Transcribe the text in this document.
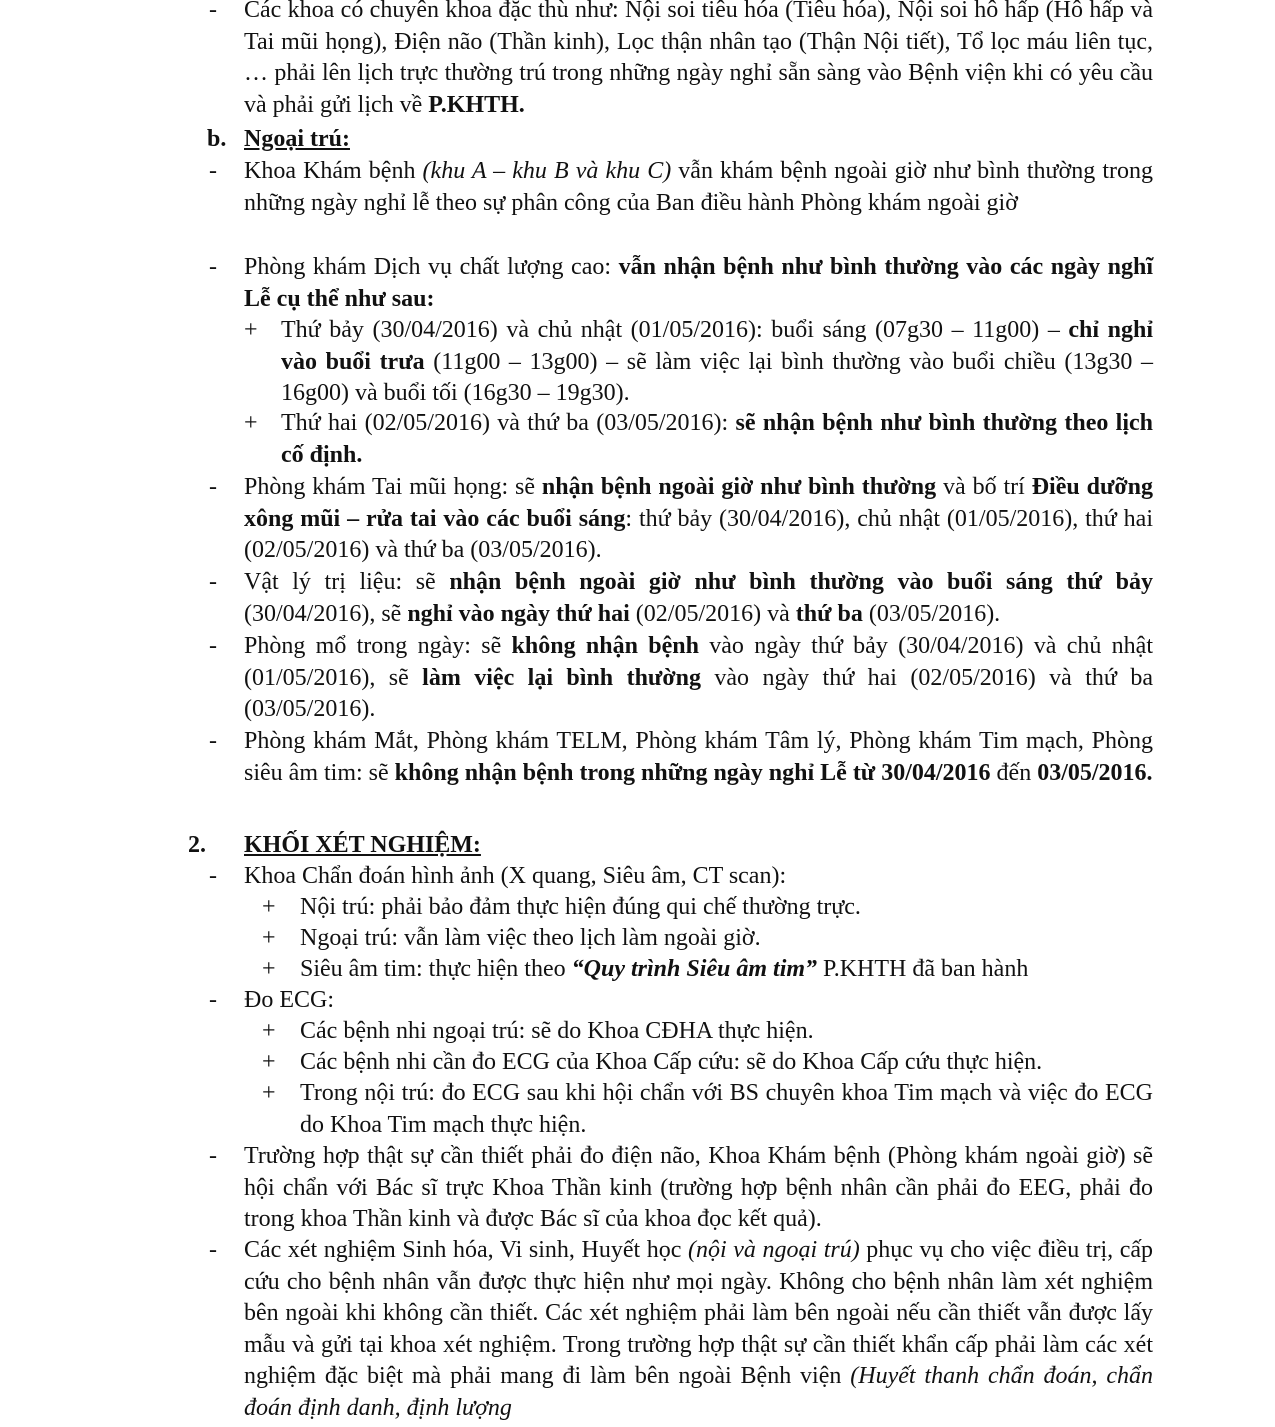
- Các khoa có chuyên khoa đặc thù như: Nội soi tiêu hóa (Tiêu hóa), Nội soi hô hấp (Hô hấp và Tai mũi họng), Điện não (Thần kinh), Lọc thận nhân tạo (Thận Nội tiết), Tổ lọc máu liên tục, … phải lên lịch trực thường trú trong những ngày nghỉ sẵn sàng vào Bệnh viện khi có yêu cầu và phải gửi lịch về P.KHTH.
b. Ngoại trú:
- Khoa Khám bệnh (khu A – khu B và khu C) vẫn khám bệnh ngoài giờ như bình thường trong những ngày nghỉ lễ theo sự phân công của Ban điều hành Phòng khám ngoài giờ
- Phòng khám Dịch vụ chất lượng cao: vẫn nhận bệnh như bình thường vào các ngày nghĩ Lễ cụ thể như sau:
+ Thứ bảy (30/04/2016) và chủ nhật (01/05/2016): buổi sáng (07g30 – 11g00) – chỉ nghỉ vào buổi trưa (11g00 – 13g00) – sẽ làm việc lại bình thường vào buổi chiều (13g30 – 16g00) và buổi tối (16g30 – 19g30).
+ Thứ hai (02/05/2016) và thứ ba (03/05/2016): sẽ nhận bệnh như bình thường theo lịch cố định.
- Phòng khám Tai mũi họng: sẽ nhận bệnh ngoài giờ như bình thường và bố trí Điều dưỡng xông mũi – rửa tai vào các buổi sáng: thứ bảy (30/04/2016), chủ nhật (01/05/2016), thứ hai (02/05/2016) và thứ ba (03/05/2016).
- Vật lý trị liệu: sẽ nhận bệnh ngoài giờ như bình thường vào buổi sáng thứ bảy (30/04/2016), sẽ nghỉ vào ngày thứ hai (02/05/2016) và thứ ba (03/05/2016).
- Phòng mổ trong ngày: sẽ không nhận bệnh vào ngày thứ bảy (30/04/2016) và chủ nhật (01/05/2016), sẽ làm việc lại bình thường vào ngày thứ hai (02/05/2016) và thứ ba (03/05/2016).
- Phòng khám Mắt, Phòng khám TELM, Phòng khám Tâm lý, Phòng khám Tim mạch, Phòng siêu âm tim: sẽ không nhận bệnh trong những ngày nghỉ Lễ từ 30/04/2016 đến 03/05/2016.
2. KHỐI XÉT NGHIỆM:
- Khoa Chẩn đoán hình ảnh (X quang, Siêu âm, CT scan):
+ Nội trú: phải bảo đảm thực hiện đúng qui chế thường trực.
+ Ngoại trú: vẫn làm việc theo lịch làm ngoài giờ.
+ Siêu âm tim: thực hiện theo “Quy trình Siêu âm tim” P.KHTH đã ban hành
- Đo ECG:
+ Các bệnh nhi ngoại trú: sẽ do Khoa CĐHA thực hiện.
+ Các bệnh nhi cần đo ECG của Khoa Cấp cứu: sẽ do Khoa Cấp cứu thực hiện.
+ Trong nội trú: đo ECG sau khi hội chẩn với BS chuyên khoa Tim mạch và việc đo ECG do Khoa Tim mạch thực hiện.
- Trường hợp thật sự cần thiết phải đo điện não, Khoa Khám bệnh (Phòng khám ngoài giờ) sẽ hội chẩn với Bác sĩ trực Khoa Thần kinh (trường hợp bệnh nhân cần phải đo EEG, phải đo trong khoa Thần kinh và được Bác sĩ của khoa đọc kết quả).
- Các xét nghiệm Sinh hóa, Vi sinh, Huyết học (nội và ngoại trú) phục vụ cho việc điều trị, cấp cứu cho bệnh nhân vẫn được thực hiện như mọi ngày. Không cho bệnh nhân làm xét nghiệm bên ngoài khi không cần thiết. Các xét nghiệm phải làm bên ngoài nếu cần thiết vẫn được lấy mẫu và gửi tại khoa xét nghiệm. Trong trường hợp thật sự cần thiết khẩn cấp phải làm các xét nghiệm đặc biệt mà phải mang đi làm bên ngoài Bệnh viện (Huyết thanh chẩn đoán, chẩn đoán định danh, định lượng
